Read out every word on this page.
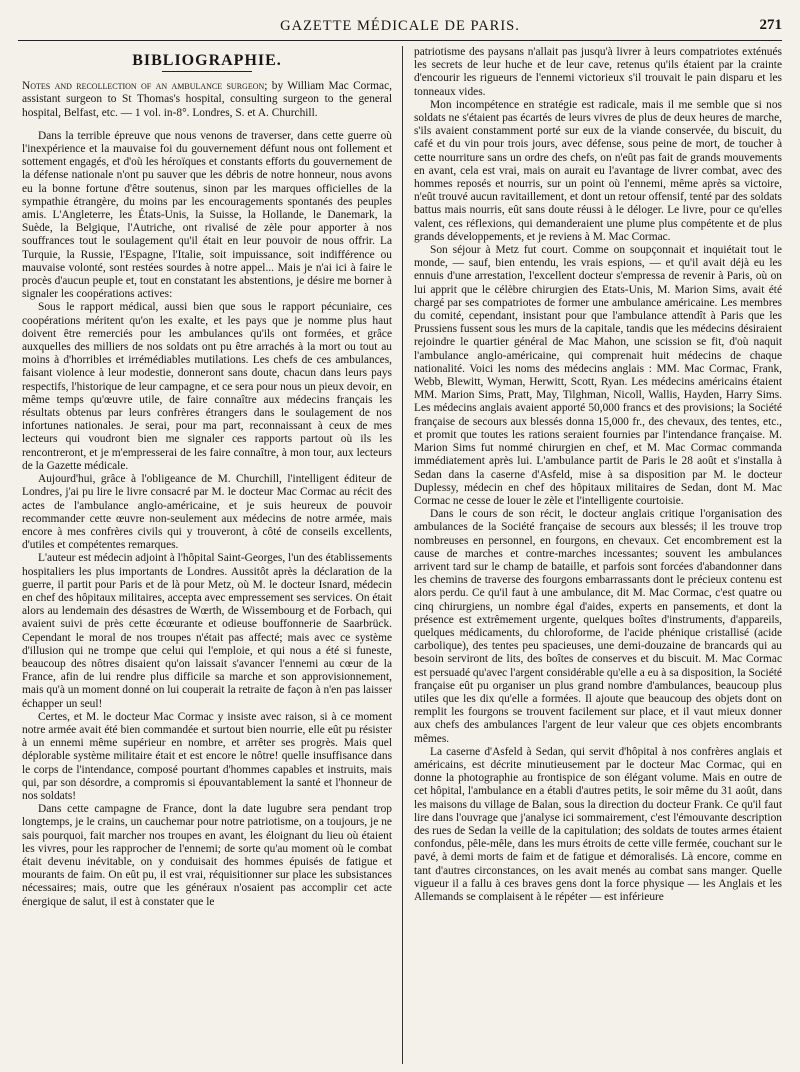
GAZETTE MÉDICALE DE PARIS.	271
BIBLIOGRAPHIE.
Notes and recollection of an ambulance surgeon; by William Mac Cormac, assistant surgeon to St Thomas's hospital, consulting surgeon to the general hospital, Belfast, etc. — 1 vol. in-8°. Londres, S. et A. Churchill.

Dans la terrible épreuve que nous venons de traverser, dans cette guerre où l'inexpérience et la mauvaise foi du gouvernement défunt nous ont follement et sottement engagés, et d'où les héroïques et constants efforts du gouvernement de la défense nationale n'ont pu sauver que les débris de notre honneur, nous avons eu la bonne fortune d'être soutenus, sinon par les marques officielles de la sympathie étrangère, du moins par les encouragements spontanés des peuples amis. L'Angleterre, les États-Unis, la Suisse, la Hollande, le Danemark, la Suède, la Belgique, l'Autriche, ont rivalisé de zèle pour apporter à nos souffrances tout le soulagement qu'il était en leur pouvoir de nous offrir. La Turquie, la Russie, l'Espagne, l'Italie, soit impuissance, soit indifférence ou mauvaise volonté, sont restées sourdes à notre appel... Mais je n'ai ici à faire le procès d'aucun peuple et, tout en constatant les abstentions, je désire me borner à signaler les coopérations actives:

Sous le rapport médical, aussi bien que sous le rapport pécuniaire, ces coopérations méritent qu'on les exalte, et les pays que je nomme plus haut doivent être remerciés pour les ambulances qu'ils ont formées, et grâce auxquelles des milliers de nos soldats ont pu être arrachés à la mort ou tout au moins à d'horribles et irrémédiables mutilations. Les chefs de ces ambulances, faisant violence à leur modestie, donneront sans doute, chacun dans leurs pays respectifs, l'historique de leur campagne, et ce sera pour nous un pieux devoir, en même temps qu'œuvre utile, de faire connaître aux médecins français les résultats obtenus par leurs confrères étrangers dans le soulagement de nos infortunes nationales. Je serai, pour ma part, reconnaissant à ceux de mes lecteurs qui voudront bien me signaler ces rapports partout où ils les rencontreront, et je m'empresserai de les faire connaître, à mon tour, aux lecteurs de la Gazette médicale.

Aujourd'hui, grâce à l'obligeance de M. Churchill, l'intelligent éditeur de Londres, j'ai pu lire le livre consacré par M. le docteur Mac Cormac au récit des actes de l'ambulance anglo-américaine, et je suis heureux de pouvoir recommander cette œuvre non-seulement aux médecins de notre armée, mais encore à mes confrères civils qui y trouveront, à côté de conseils excellents, d'utiles et compétentes remarques.

L'auteur est médecin adjoint à l'hôpital Saint-Georges, l'un des établissements hospitaliers les plus importants de Londres. Aussitôt après la déclaration de la guerre, il partit pour Paris et de là pour Metz, où M. le docteur Isnard, médecin en chef des hôpitaux militaires, accepta avec empressement ses services. On était alors au lendemain des désastres de Wœrth, de Wissembourg et de Forbach, qui avaient suivi de près cette écœurante et odieuse bouffonnerie de Saarbrück. Cependant le moral de nos troupes n'était pas affecté; mais avec ce système d'illusion qui ne trompe que celui qui l'emploie, et qui nous a été si funeste, beaucoup des nôtres disaient qu'on laissait s'avancer l'ennemi au cœur de la France, afin de lui rendre plus difficile sa marche et son approvisionnement, mais qu'à un moment donné on lui couperait la retraite de façon à n'en pas laisser échapper un seul!

Certes, et M. le docteur Mac Cormac y insiste avec raison, si à ce moment notre armée avait été bien commandée et surtout bien nourrie, elle eût pu résister à un ennemi même supérieur en nombre, et arrêter ses progrès. Mais quel déplorable système militaire était et est encore le nôtre! quelle insuffisance dans le corps de l'intendance, composé pourtant d'hommes capables et instruits, mais qui, par son désordre, a compromis si épouvantablement la santé et l'honneur de nos soldats!

Dans cette campagne de France, dont la date lugubre sera pendant trop longtemps, je le crains, un cauchemar pour notre patriotisme, on a toujours, je ne sais pourquoi, fait marcher nos troupes en avant, les éloignant du lieu où étaient les vivres, pour les rapprocher de l'ennemi; de sorte qu'au moment où le combat était devenu inévitable, on y conduisait des hommes épuisés de fatigue et mourants de faim. On eût pu, il est vrai, réquisitionner sur place les subsistances nécessaires; mais, outre que les généraux n'osaient pas accomplir cet acte énergique de salut, il est à constater que le

patriotisme des paysans n'allait pas jusqu'à livrer à leurs compatriotes exténués les secrets de leur huche et de leur cave, retenus qu'ils étaient par la crainte d'encourir les rigueurs de l'ennemi victorieux s'il trouvait le pain disparu et les tonneaux vides.

Mon incompétence en stratégie est radicale, mais il me semble que si nos soldats ne s'étaient pas écartés de leurs vivres de plus de deux heures de marche, s'ils avaient constamment porté sur eux de la viande conservée, du biscuit, du café et du vin pour trois jours, avec défense, sous peine de mort, de toucher à cette nourriture sans un ordre des chefs, on n'eût pas fait de grands mouvements en avant, cela est vrai, mais on aurait eu l'avantage de livrer combat, avec des hommes reposés et nourris, sur un point où l'ennemi, même après sa victoire, n'eût trouvé aucun ravitaillement, et dont un retour offensif, tenté par des soldats battus mais nourris, eût sans doute réussi à le déloger. Le livre, pour ce qu'elles valent, ces réflexions, qui demanderaient une plume plus compétente et de plus grands développements, et je reviens à M. Mac Cormac.

Son séjour à Metz fut court. Comme on soupçonnait et inquiétait tout le monde, — sauf, bien entendu, les vrais espions, — et qu'il avait déjà eu les ennuis d'une arrestation, l'excellent docteur s'empressa de revenir à Paris, où on lui apprit que le célèbre chirurgien des Etats-Unis, M. Marion Sims, avait été chargé par ses compatriotes de former une ambulance américaine. Les membres du comité, cependant, insistant pour que l'ambulance attendît à Paris que les Prussiens fussent sous les murs de la capitale, tandis que les médecins désiraient rejoindre le quartier général de Mac Mahon, une scission se fit, d'où naquit l'ambulance anglo-américaine, qui comprenait huit médecins de chaque nationalité. Voici les noms des médecins anglais : MM. Mac Cormac, Frank, Webb, Blewitt, Wyman, Herwitt, Scott, Ryan. Les médecins américains étaient MM. Marion Sims, Pratt, May, Tilghman, Nicoll, Wallis, Hayden, Harry Sims. Les médecins anglais avaient apporté 50,000 francs et des provisions; la Société française de secours aux blessés donna 15,000 fr., des chevaux, des tentes, etc., et promit que toutes les rations seraient fournies par l'intendance française. M. Marion Sims fut nommé chirurgien en chef, et M. Mac Cormac commanda immédiatement après lui. L'ambulance partit de Paris le 28 août et s'installa à Sedan dans la caserne d'Asfeld, mise à sa disposition par M. le docteur Duplessy, médecin en chef des hôpitaux militaires de Sedan, dont M. Mac Cormac ne cesse de louer le zèle et l'intelligente courtoisie.

Dans le cours de son récit, le docteur anglais critique l'organisation des ambulances de la Société française de secours aux blessés; il les trouve trop nombreuses en personnel, en fourgons, en chevaux. Cet encombrement est la cause de marches et contre-marches incessantes; souvent les ambulances arrivent tard sur le champ de bataille, et parfois sont forcées d'abandonner dans les chemins de traverse des fourgons embarrassants dont le précieux contenu est alors perdu. Ce qu'il faut à une ambulance, dit M. Mac Cormac, c'est quatre ou cinq chirurgiens, un nombre égal d'aides, experts en pansements, et dont la présence est extrêmement urgente, quelques boîtes d'instruments, d'appareils, quelques médicaments, du chloroforme, de l'acide phénique cristallisé (acide carbolique), des tentes peu spacieuses, une demi-douzaine de brancards qui au besoin serviront de lits, des boîtes de conserves et du biscuit. M. Mac Cormac est persuadé qu'avec l'argent considérable qu'elle a eu à sa disposition, la Société française eût pu organiser un plus grand nombre d'ambulances, beaucoup plus utiles que les dix qu'elle a formées. Il ajoute que beaucoup des objets dont on remplit les fourgons se trouvent facilement sur place, et il vaut mieux donner aux chefs des ambulances l'argent de leur valeur que ces objets encombrants mêmes.

La caserne d'Asfeld à Sedan, qui servit d'hôpital à nos confrères anglais et américains, est décrite minutieusement par le docteur Mac Cormac, qui en donne la photographie au frontispice de son élégant volume. Mais en outre de cet hôpital, l'ambulance en a établi d'autres petits, le soir même du 31 août, dans les maisons du village de Balan, sous la direction du docteur Frank. Ce qu'il faut lire dans l'ouvrage que j'analyse ici sommairement, c'est l'émouvante description des rues de Sedan la veille de la capitulation; des soldats de toutes armes étaient confondus, pêle-mêle, dans les murs étroits de cette ville fermée, couchant sur le pavé, à demi morts de faim et de fatigue et démoralisés. Là encore, comme en tant d'autres circonstances, on les avait menés au combat sans manger. Quelle vigueur il a fallu à ces braves gens dont la force physique — les Anglais et les Allemands se complaisent à le répéter — est inférieure
